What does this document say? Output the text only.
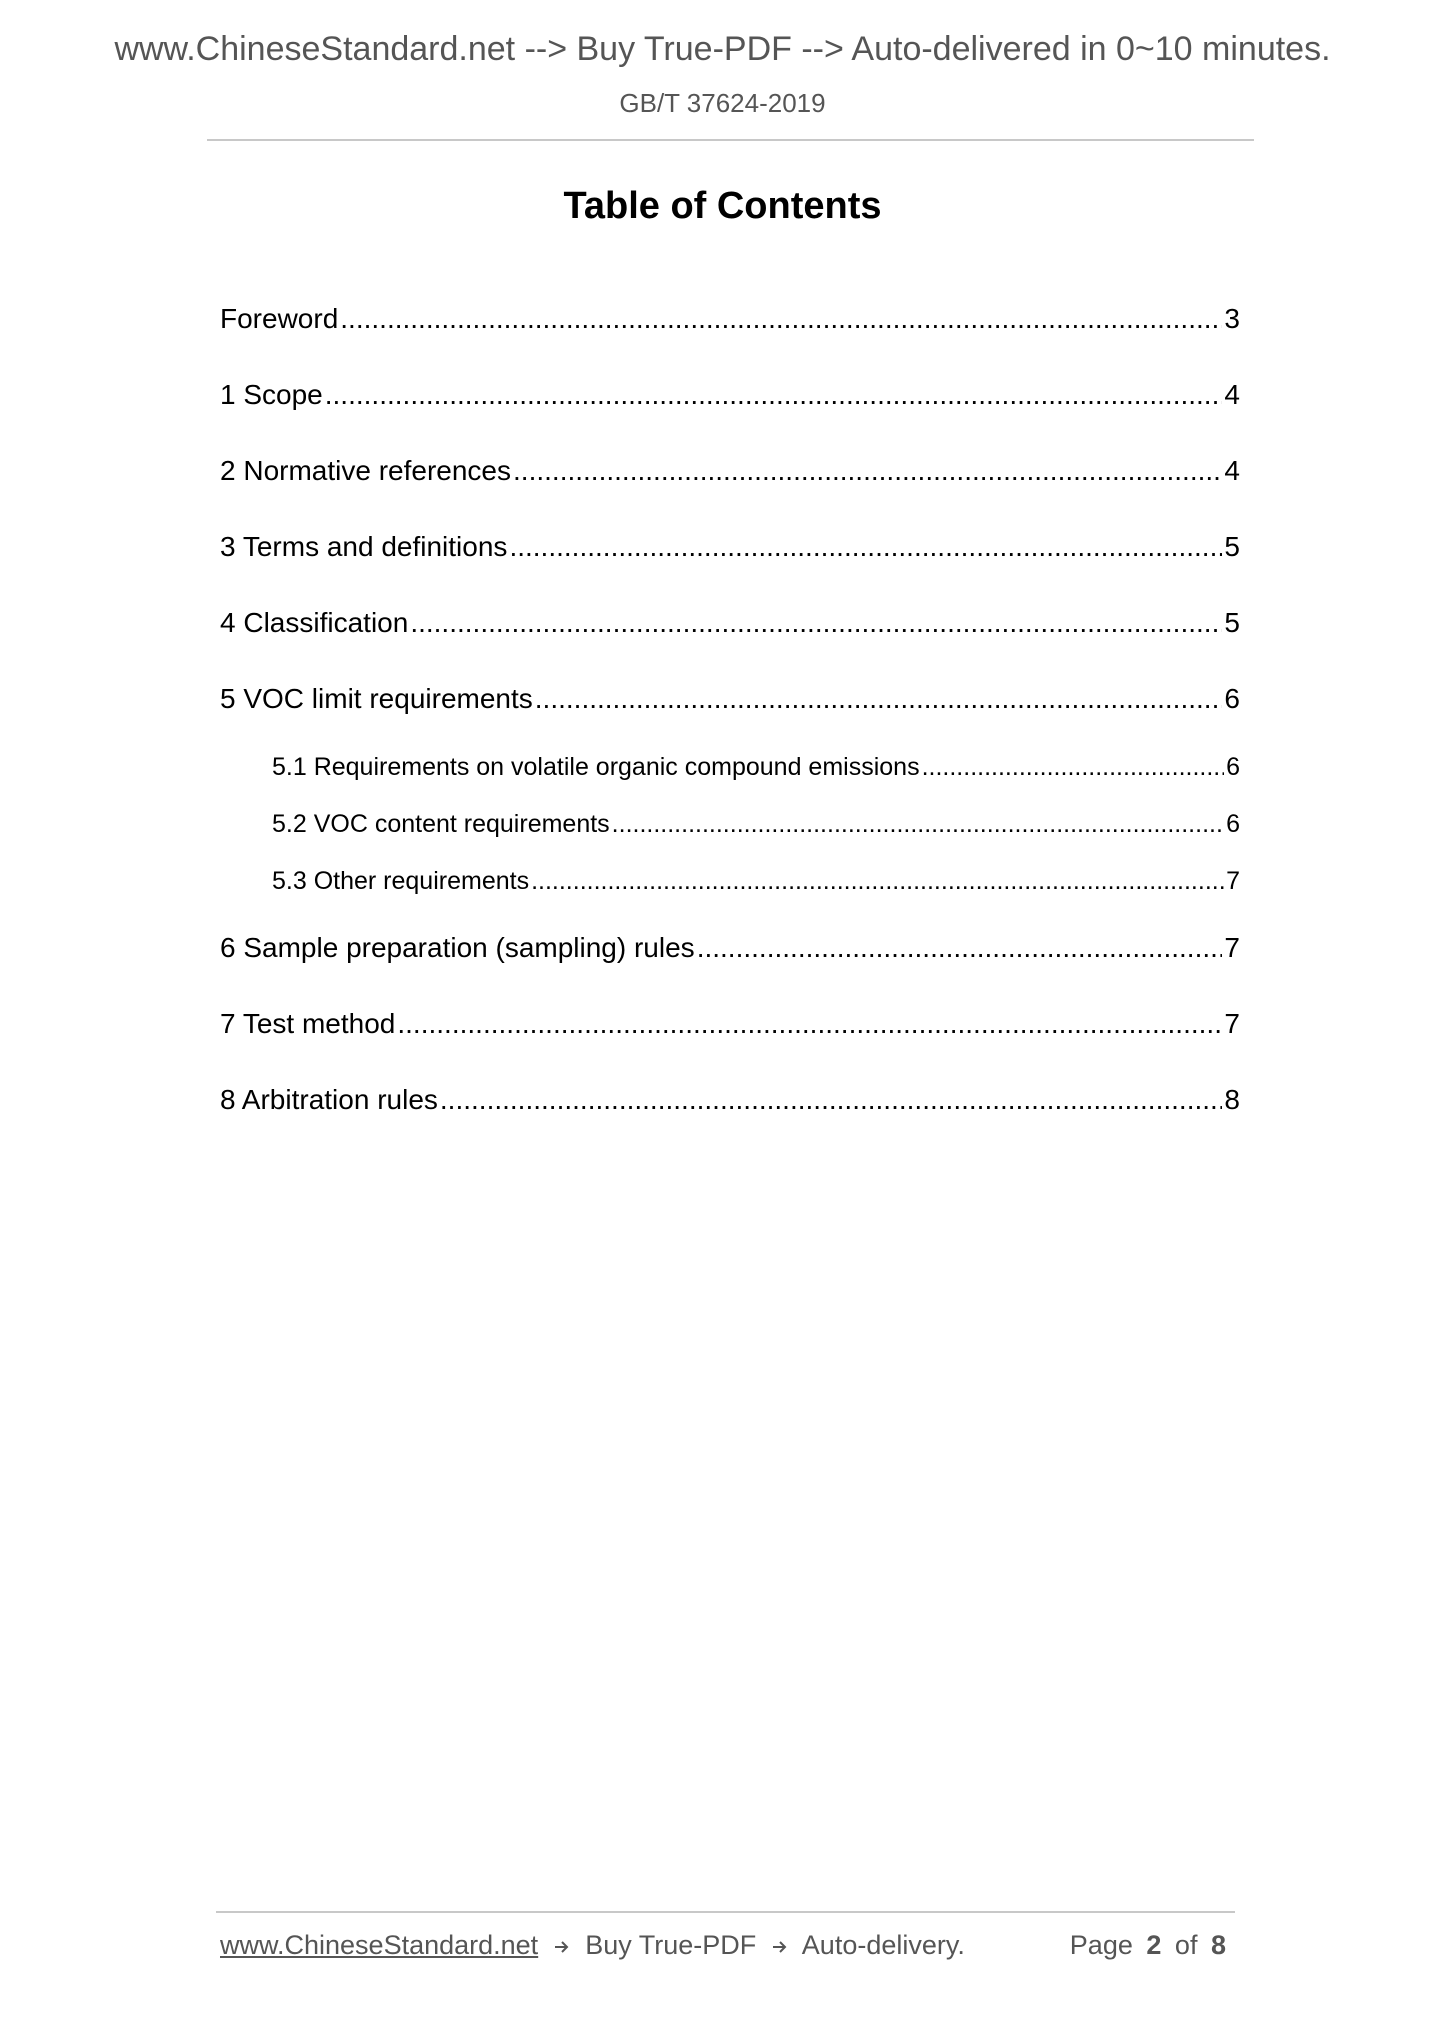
www.ChineseStandard.net --> Buy True-PDF --> Auto-delivered in 0~10 minutes.
GB/T 37624-2019
Table of Contents
Foreword .....	3
1 Scope .....	4
2 Normative references .....	4
3 Terms and definitions .....	5
4 Classification .....	5
5 VOC limit requirements .....	6
5.1 Requirements on volatile organic compound emissions .....	6
5.2 VOC content requirements .....	6
5.3 Other requirements .....	7
6 Sample preparation (sampling) rules .....	7
7 Test method .....	7
8 Arbitration rules .....	8
www.ChineseStandard.net Buy True-PDF Auto-delivery.	Page 2 of 8
